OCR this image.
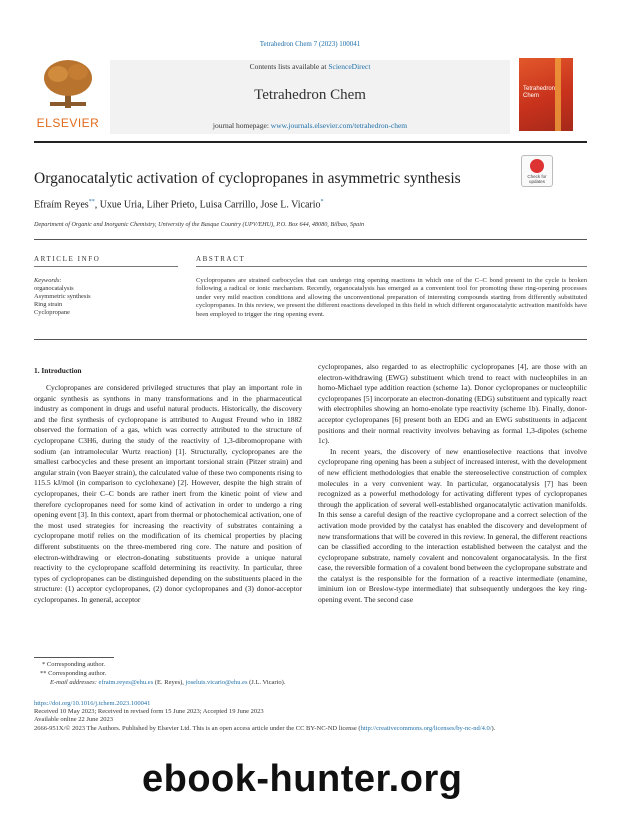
Tetrahedron Chem 7 (2023) 100041
ELSEVIER
Contents lists available at ScienceDirect
Tetrahedron Chem
journal homepage: www.journals.elsevier.com/tetrahedron-chem
Tetrahedron
Chem
Check for
updates
Organocatalytic activation of cyclopropanes in asymmetric synthesis
Efraím Reyes**, Uxue Uria, Liher Prieto, Luisa Carrillo, Jose L. Vicario*
Department of Organic and Inorganic Chemistry, University of the Basque Country (UPV/EHU), P.O. Box 644, 48080, Bilbao, Spain
ARTICLE INFO	ABSTRACT
Keywords:
organocatalysis
Asymmetric synthesis
Ring strain
Cyclopropane
Cyclopropanes are strained carbocycles that can undergo ring opening reactions in which one of the C–C bond present in the cycle is broken following a radical or ionic mechanism. Recently, organocatalysis has emerged as a convenient tool for promoting these ring-opening processes under very mild reaction conditions and allowing the unconventional preparation of interesting compounds starting from differently substituted cyclopropanes. In this review, we present the different reactions developed in this field in which different organocatalytic activation manifolds have been employed to trigger the ring opening event.
1. Introduction

Cyclopropanes are considered privileged structures that play an important role in organic synthesis as synthons in many transformations and in the pharmaceutical industry as component in drugs and useful natural products. Historically, the discovery and the first synthesis of cyclopropane is attributed to August Freund who in 1882 observed the formation of a gas, which was correctly attributed to the structure of cyclopropane C3H6, during the study of the reactivity of 1,3-dibromopropane with sodium (an intramolecular Wurtz reaction) [1]. Structurally, cyclopropanes are the smallest carbocycles and these present an important torsional strain (Pitzer strain) and angular strain (von Baeyer strain), the calculated value of these two components rising to 115.5 kJ/mol (in comparison to cyclohexane) [2]. However, despite the high strain of cyclopropanes, their C–C bonds are rather inert from the kinetic point of view and therefore cyclopropanes need for some kind of activation in order to undergo a ring opening event [3]. In this context, apart from thermal or photochemical activation, one of the most used strategies for increasing the reactivity of substrates containing a cyclopropane motif relies on the modification of its chemical properties by placing different substituents on the three-membered ring core. The nature and position of electron-withdrawing or electron-donating substituents provide a unique natural reactivity to the cyclopropane scaffold determining its reactivity. In particular, three types of cyclopropanes can be distinguished depending on the substituents placed in the structure: (1) acceptor cyclopropanes, (2) donor cyclopropanes and (3) donor-acceptor cyclopropanes. In general, acceptor

cyclopropanes, also regarded to as electrophilic cyclopropanes [4], are those with an electron-withdrawing (EWG) substituent which trend to react with nucleophiles in an homo-Michael type addition reaction (scheme 1a). Donor cyclopropanes or nucleophilic cyclopropanes [5] incorporate an electron-donating (EDG) substituent and typically react with electrophiles showing an homo-enolate type reactivity (scheme 1b). Finally, donor-acceptor cyclopropanes [6] present both an EDG and an EWG substituents in adjacent positions and their normal reactivity involves behaving as formal 1,3-dipoles (scheme 1c).

In recent years, the discovery of new enantioselective reactions that involve cyclopropane ring opening has been a subject of increased interest, with the development of new efficient methodologies that enable the stereoselective construction of complex molecules in a very convenient way. In particular, organocatalysis [7] has been recognized as a powerful methodology for activating different types of cyclopropanes through the application of several well-established organocatalytic activation manifolds. In this sense a careful design of the reactive cyclopropane and a correct selection of the activation mode provided by the catalyst has enabled the discovery and development of new transformations that will be covered in this review. In general, the different reactions can be classified according to the interaction established between the catalyst and the cyclopropane substrate, namely covalent and noncovalent organocatalysis. In the first case, the reversible formation of a covalent bond between the cyclopropane substrate and the catalyst is the responsible for the formation of a reactive intermediate (enamine, iminium ion or Breslow-type intermediate) that subsequently undergoes the key ring-opening event. The second case

* Corresponding author.
** Corresponding author.
E-mail addresses: efraim.reyes@ehu.es (E. Reyes), joseluis.vicario@ehu.es (J.L. Vicario).
https://doi.org/10.1016/j.tchem.2023.100041
Received 10 May 2023; Received in revised form 15 June 2023; Accepted 19 June 2023
Available online 22 June 2023
2666-951X/© 2023 The Authors. Published by Elsevier Ltd. This is an open access article under the CC BY-NC-ND license (http://creativecommons.org/licenses/by-nc-nd/4.0/).
ebook-hunter.org
